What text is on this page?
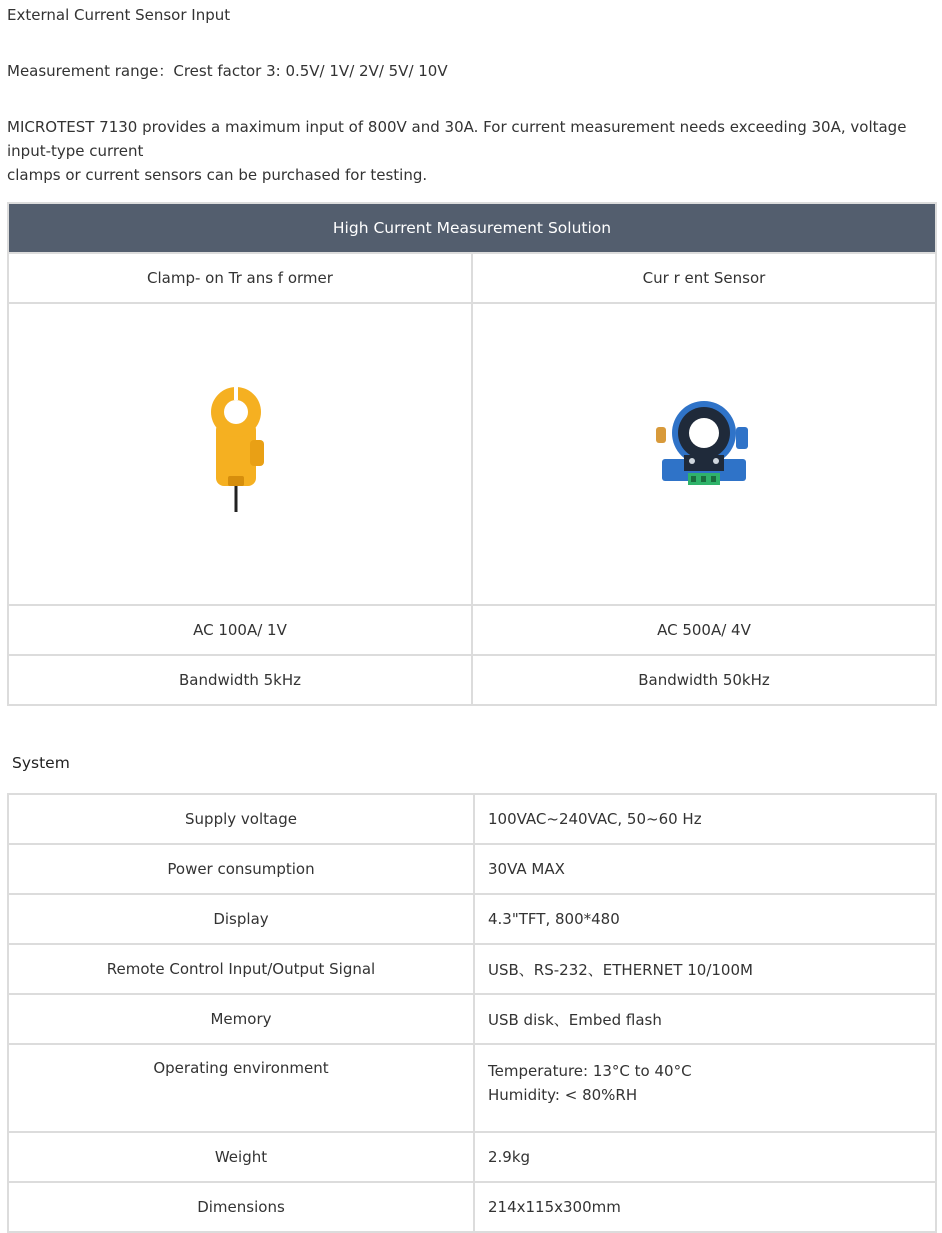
External Current Sensor Input

Measurement range：Crest factor 3: 0.5V/ 1V/ 2V/ 5V/ 10V

MICROTEST 7130 provides a maximum input of 800V and 30A. For current measurement needs exceeding 30A, voltage
input-type current
clamps or current sensors can be purchased for testing.

High Current Measurement Solution	
Clamp- on Tr ans f ormer	Cur r ent Sensor

AC 100A/ 1V	AC 500A/ 4V
Bandwidth 5kHz	Bandwidth 50kHz

System

Supply voltage	100VAC~240VAC, 50~60 Hz
Power consumption	30VA MAX
Display	4.3"TFT, 800*480
Remote Control Input/Output Signal	USB、RS-232、ETHERNET 10/100M
Memory	USB disk、Embed flash
Operating environment	Temperature: 13°C to 40°C
Humidity: < 80%RH

Weight	2.9kg
Dimensions	214x115x300mm
